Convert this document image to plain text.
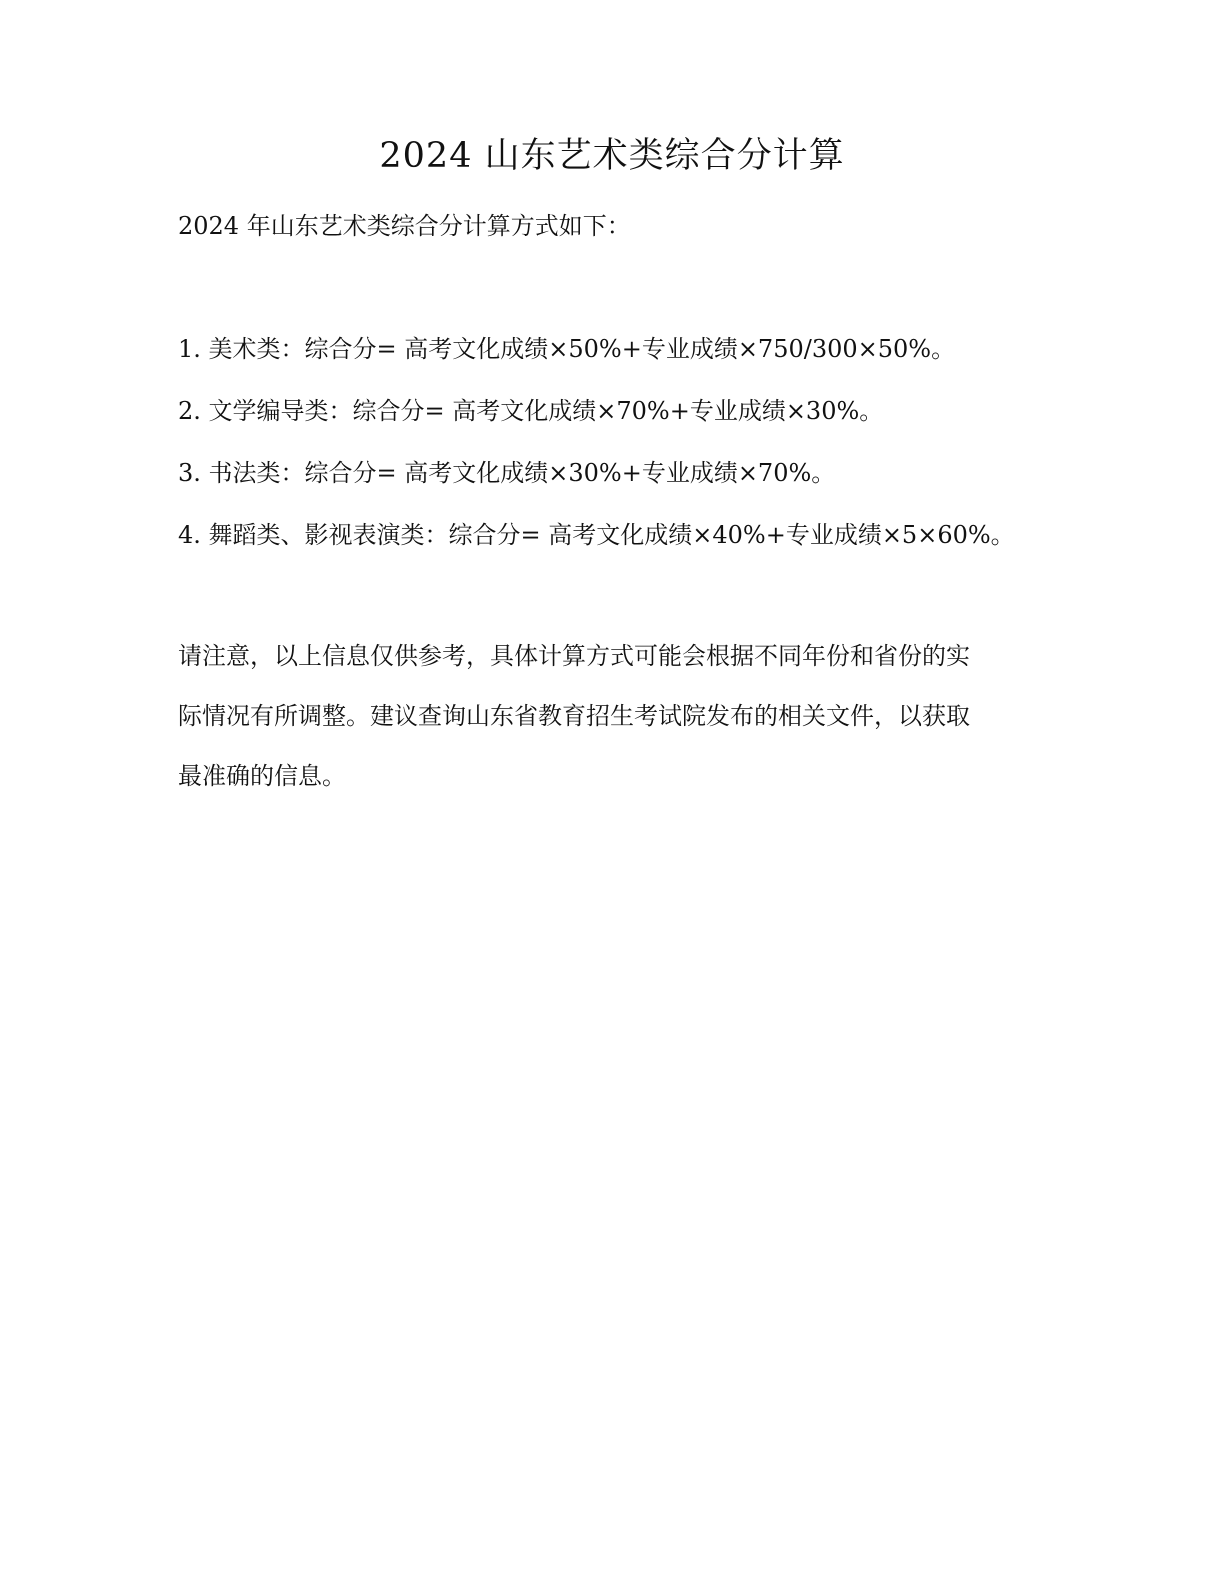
2024 山东艺术类综合分计算
2024 年山东艺术类综合分计算方式如下：
1. 美术类：综合分= 高考文化成绩×50%+专业成绩×750/300×50%。
2. 文学编导类：综合分= 高考文化成绩×70%+专业成绩×30%。
3. 书法类：综合分= 高考文化成绩×30%+专业成绩×70%。
4. 舞蹈类、影视表演类：综合分= 高考文化成绩×40%+专业成绩×5×60%。
请注意，以上信息仅供参考，具体计算方式可能会根据不同年份和省份的实
际情况有所调整。建议查询山东省教育招生考试院发布的相关文件，以获取
最准确的信息。
